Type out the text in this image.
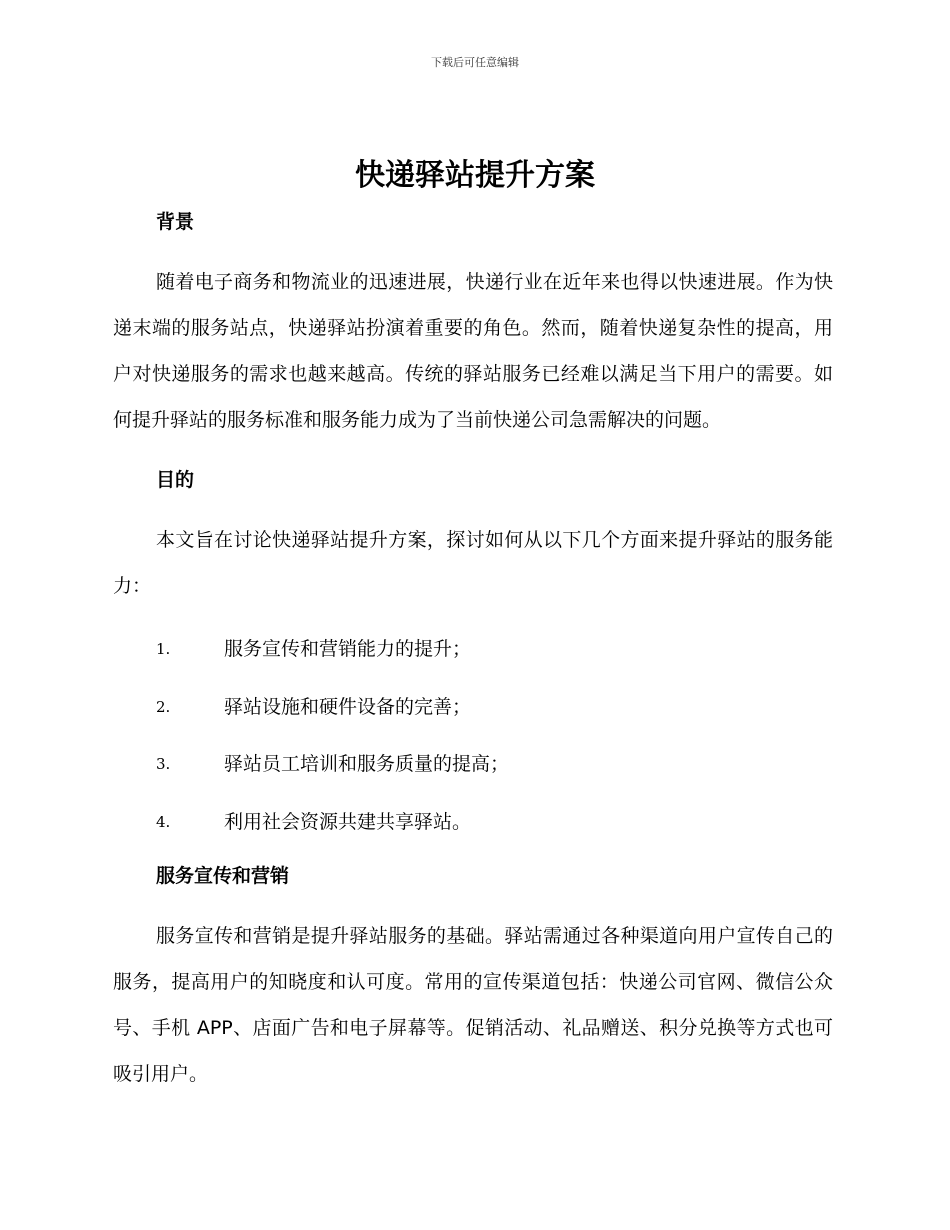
下载后可任意编辑
快递驿站提升方案
背景

随着电子商务和物流业的迅速进展，快递行业在近年来也得以快速进展。作为快递末端的服务站点，快递驿站扮演着重要的角色。然而，随着快递复杂性的提高，用户对快递服务的需求也越来越高。传统的驿站服务已经难以满足当下用户的需要。如何提升驿站的服务标准和服务能力成为了当前快递公司急需解决的问题。

目的

本文旨在讨论快递驿站提升方案，探讨如何从以下几个方面来提升驿站的服务能力：

1.	服务宣传和营销能力的提升；
2.	驿站设施和硬件设备的完善；
3.	驿站员工培训和服务质量的提高；
4.	利用社会资源共建共享驿站。
服务宣传和营销

服务宣传和营销是提升驿站服务的基础。驿站需通过各种渠道向用户宣传自己的服务，提高用户的知晓度和认可度。常用的宣传渠道包括：快递公司官网、微信公众号、手机 APP、店面广告和电子屏幕等。促销活动、礼品赠送、积分兑换等方式也可吸引用户。
